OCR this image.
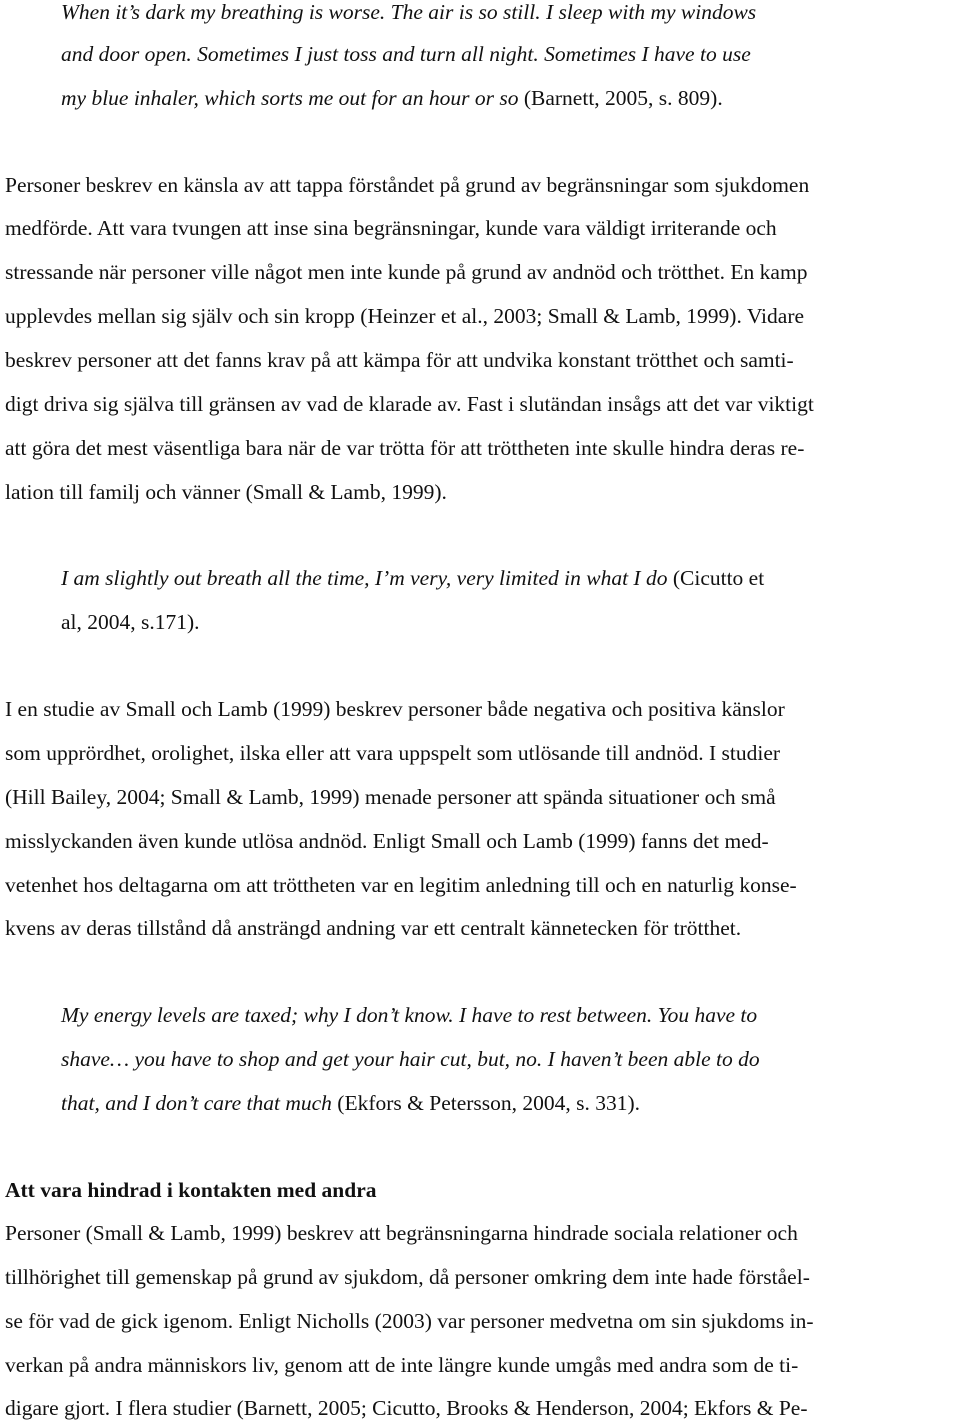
When it’s dark my breathing is worse. The air is so still. I sleep with my windows
and door open. Sometimes I just toss and turn all night. Sometimes I have to use
my blue inhaler, which sorts me out for an hour or so (Barnett, 2005, s. 809).
Personer beskrev en känsla av att tappa förståndet på grund av begränsningar som sjukdomen
medförde. Att vara tvungen att inse sina begränsningar, kunde vara väldigt irriterande och
stressande när personer ville något men inte kunde på grund av andnöd och trötthet. En kamp
upplevdes mellan sig själv och sin kropp (Heinzer et al., 2003; Small & Lamb, 1999). Vidare
beskrev personer att det fanns krav på att kämpa för att undvika konstant trötthet och samti-
digt driva sig själva till gränsen av vad de klarade av. Fast i slutändan insågs att det var viktigt
att göra det mest väsentliga bara när de var trötta för att tröttheten inte skulle hindra deras re-
lation till familj och vänner (Small & Lamb, 1999).
I am slightly out breath all the time, I’m very, very limited in what I do (Cicutto et
al, 2004, s.171).
I en studie av Small och Lamb (1999) beskrev personer både negativa och positiva känslor
som upprördhet, orolighet, ilska eller att vara uppspelt som utlösande till andnöd. I studier
(Hill Bailey, 2004; Small & Lamb, 1999) menade personer att spända situationer och små
misslyckanden även kunde utlösa andnöd. Enligt Small och Lamb (1999) fanns det med-
vetenhet hos deltagarna om att tröttheten var en legitim anledning till och en naturlig konse-
kvens av deras tillstånd då ansträngd andning var ett centralt kännetecken för trötthet.
My energy levels are taxed; why I don’t know. I have to rest between. You have to
shave… you have to shop and get your hair cut, but, no. I haven’t been able to do
that, and I don’t care that much (Ekfors & Petersson, 2004, s. 331).
Att vara hindrad i kontakten med andra
Personer (Small & Lamb, 1999) beskrev att begränsningarna hindrade sociala relationer och
tillhörighet till gemenskap på grund av sjukdom, då personer omkring dem inte hade förståel-
se för vad de gick igenom. Enligt Nicholls (2003) var personer medvetna om sin sjukdoms in-
verkan på andra människors liv, genom att de inte längre kunde umgås med andra som de ti-
digare gjort. I flera studier (Barnett, 2005; Cicutto, Brooks & Henderson, 2004; Ekfors & Pe-
